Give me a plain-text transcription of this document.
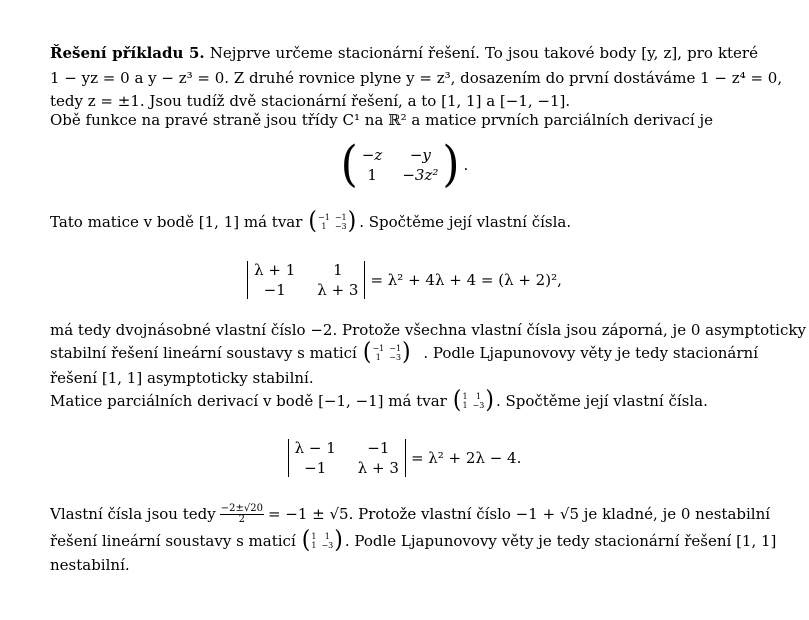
Řešení příkladu 5. Nejprve určeme stacionární řešení. To jsou takové body [y, z], pro které
1 − yz = 0 a y − z³ = 0. Z druhé rovnice plyne y = z³, dosazením do první dostáváme 1 − z⁴ = 0,
tedy z = ±1. Jsou tudíž dvě stacionární řešení, a to [1, 1] a [−1, −1].
Obě funkce na pravé straně jsou třídy C¹ na ℝ² a matice prvních parciálních derivací je
( −z	−y
1	−3z² ) .
Tato matice v bodě [1, 1] má tvar ( −1 −1
1	−3 ) . Spočtěme její vlastní čísla.
λ + 1	1
−1	λ + 3
= λ² + 4λ + 4 = (λ + 2)²,
má tedy dvojnásobné vlastní číslo −2. Protože všechna vlastní čísla jsou záporná, je 0 asymptoticky
stabilní řešení lineární soustavy s maticí ( −1 −1
1	−3 ) . Podle Ljapunovovy věty je tedy stacionární
řešení [1, 1] asymptoticky stabilní.
Matice parciálních derivací v bodě [−1, −1] má tvar ( 1	1
1 −3 ) . Spočtěme její vlastní čísla.
λ − 1	−1
−1	λ + 3
= λ² + 2λ − 4.
Vlastní čísla jsou tedy $\frac{-2\pm√20}{2} = -1 \pm √5$. Protože vlastní číslo −1 + √5 je kladné, je 0 nestabilní
řešení lineární soustavy s maticí ( 1	1
1 −3 ) . Podle Ljapunovovy věty je tedy stacionární řešení [1, 1]
nestabilní.
